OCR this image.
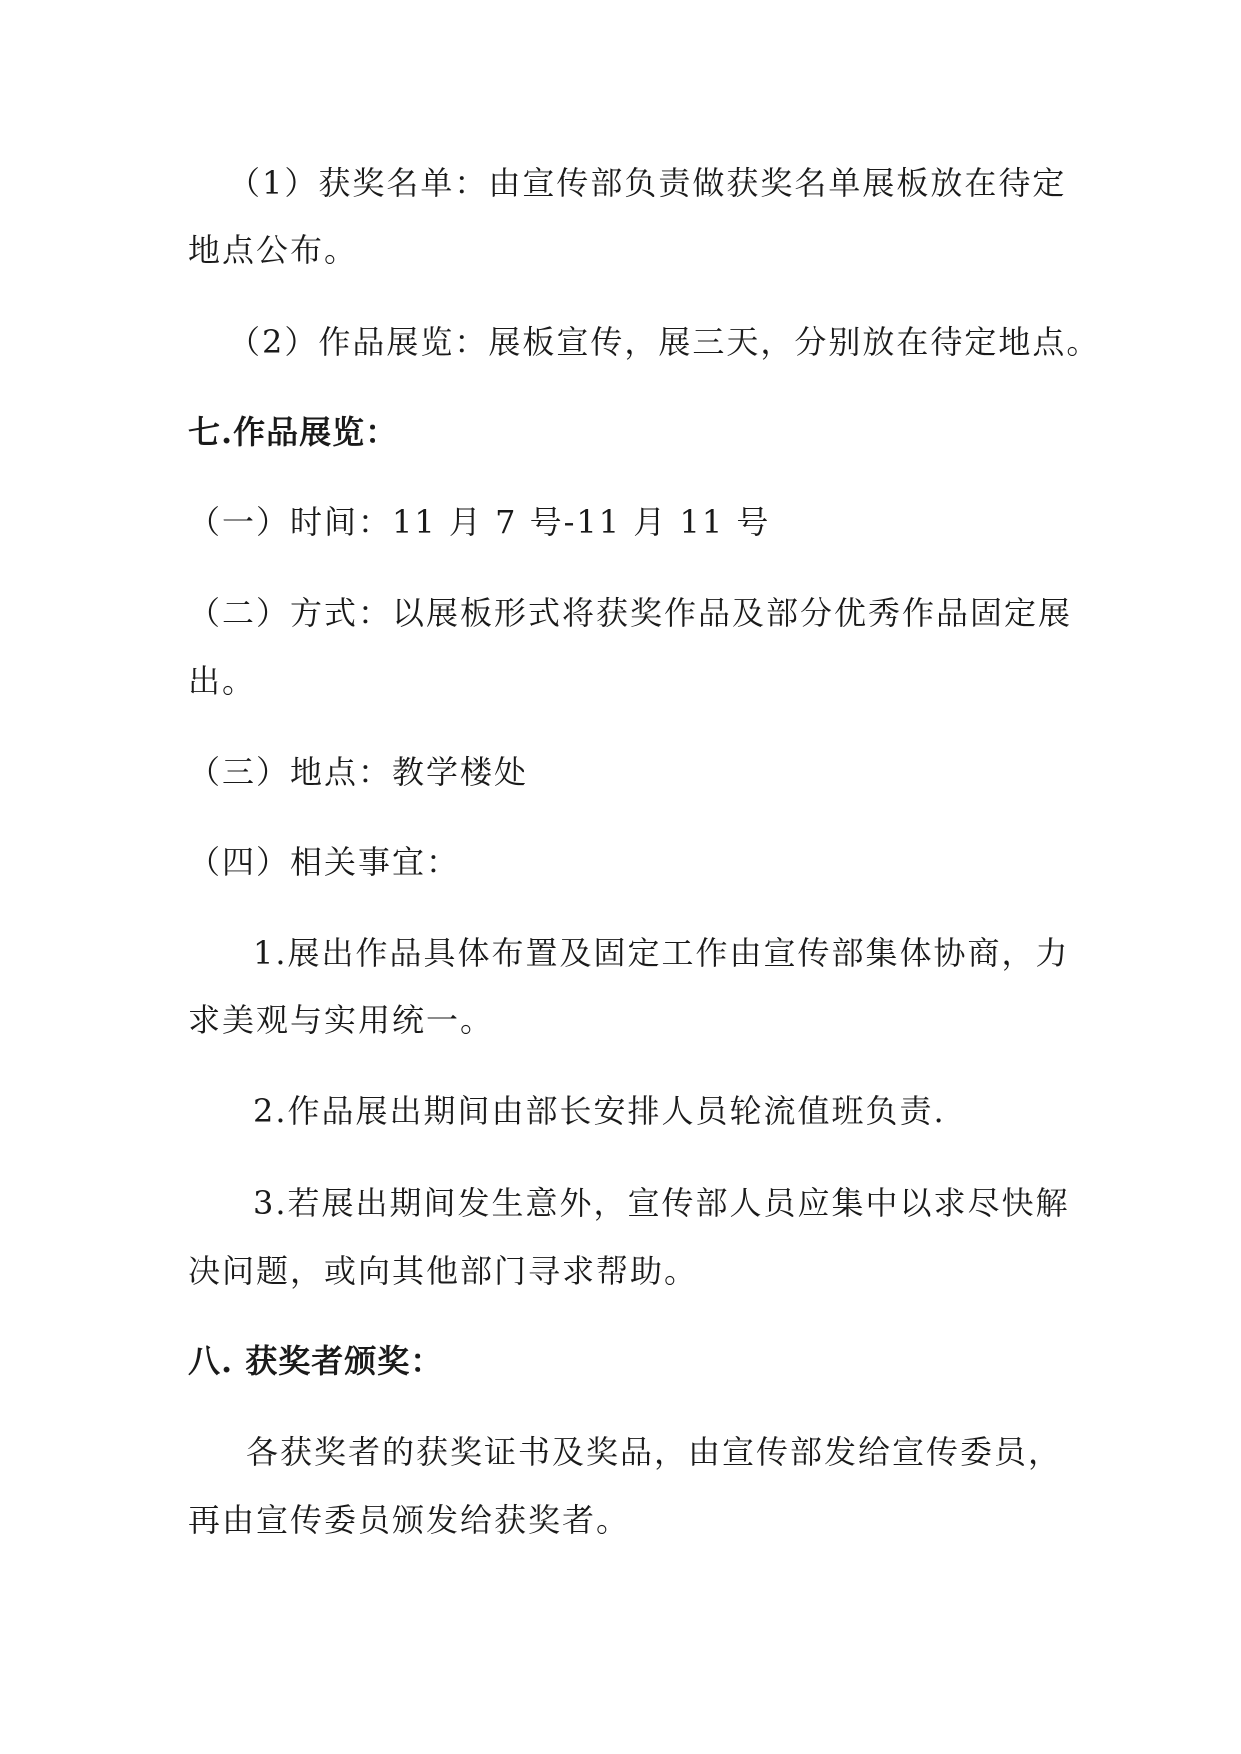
（1）获奖名单：由宣传部负责做获奖名单展板放在待定
地点公布。
（2）作品展览：展板宣传，展三天，分别放在待定地点。
七.作品展览：
（一）时间：11 月 7 号-11 月 11 号
（二）方式：以展板形式将获奖作品及部分优秀作品固定展
出。
（三）地点：教学楼处
（四）相关事宜：
1.展出作品具体布置及固定工作由宣传部集体协商，力
求美观与实用统一。
2.作品展出期间由部长安排人员轮流值班负责.
3.若展出期间发生意外，宣传部人员应集中以求尽快解
决问题，或向其他部门寻求帮助。
八. 获奖者颁奖：
各获奖者的获奖证书及奖品，由宣传部发给宣传委员，
再由宣传委员颁发给获奖者。
